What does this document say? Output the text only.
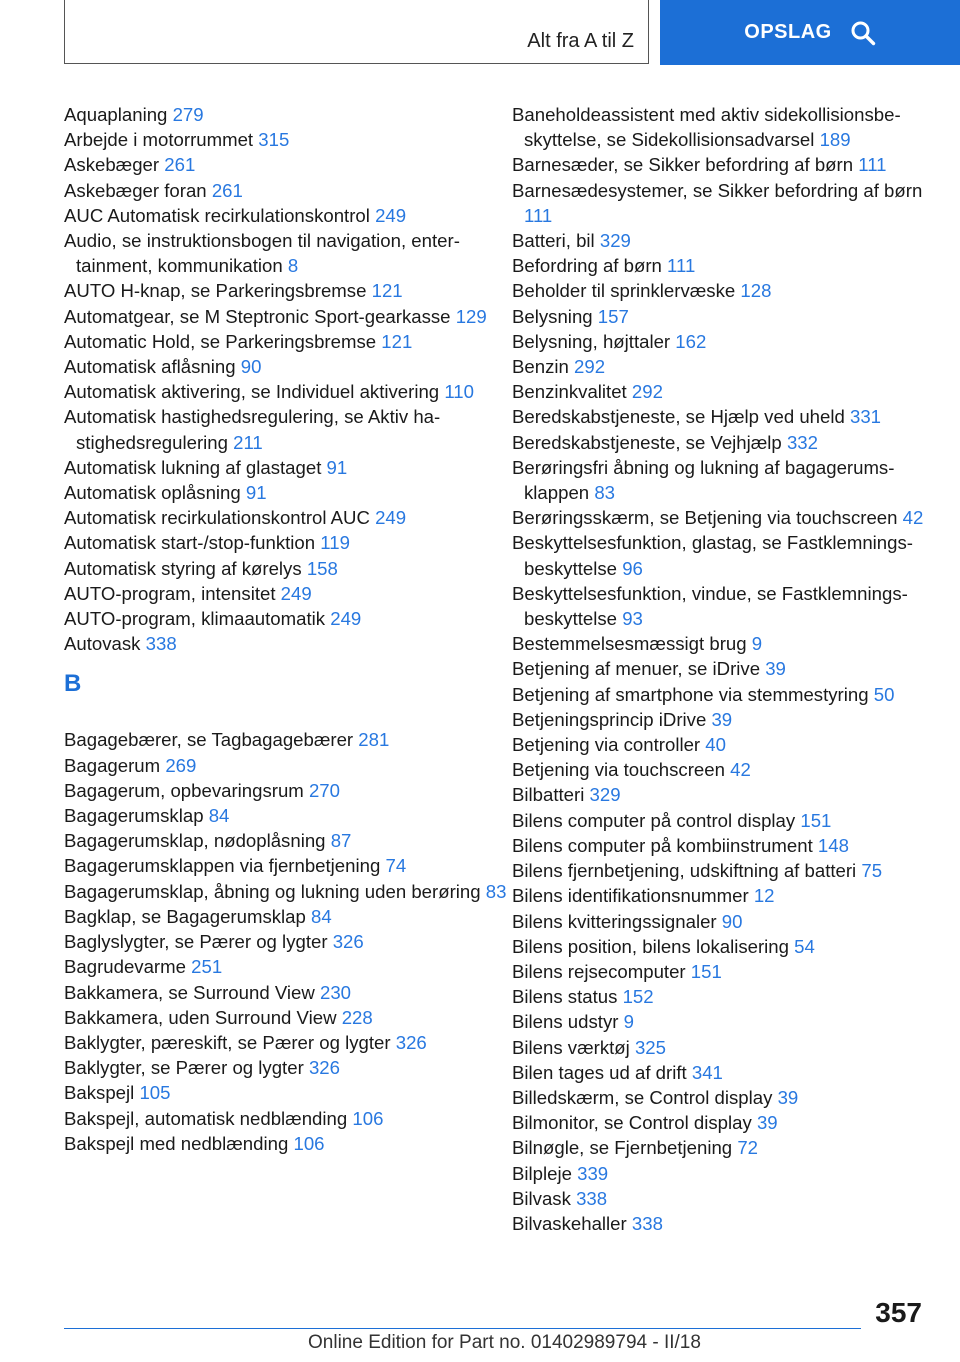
Alt fra A til Z	OPSLAG

Aquaplaning 279

Arbejde i motorrummet 315

Askebæger 261

Askebæger foran 261

AUC Automatisk recirkulationskontrol 249

Audio, se instruktionsbogen til navigation, entertainment, kommunikation 8

AUTO H-knap, se Parkeringsbremse 121

Automatgear, se M Steptronic Sport-gearkasse 129

Automatic Hold, se Parkeringsbremse 121

Automatisk aflåsning 90

Automatisk aktivering, se Individuel aktivering 110

Automatisk hastighedsregulering, se Aktiv hastighedsregulering 211

Automatisk lukning af glastaget 91

Automatisk oplåsning 91

Automatisk recirkulationskontrol AUC 249

Automatisk start-/stop-funktion 119

Automatisk styring af kørelys 158

AUTO-program, intensitet 249

AUTO-program, klimaautomatik 249

Autovask 338

B

Bagagebærer, se Tagbagagebærer 281

Bagagerum 269

Bagagerum, opbevaringsrum 270

Bagagerumsklap 84

Bagagerumsklap, nødoplåsning 87

Bagagerumsklappen via fjernbetjening 74

Bagagerumsklap, åbning og lukning uden berøring 83

Bagklap, se Bagagerumsklap 84

Baglyslygter, se Pærer og lygter 326

Bagrudevarme 251

Bakkamera, se Surround View 230

Bakkamera, uden Surround View 228

Baklygter, pæreskift, se Pærer og lygter 326

Baklygter, se Pærer og lygter 326

Bakspejl 105

Bakspejl, automatisk nedblænding 106

Bakspejl med nedblænding 106

Baneholdeassistent med aktiv sidekollisionsbeskyttelse, se Sidekollisionsadvarsel 189

Barnesæder, se Sikker befordring af børn 111

Barnesædesystemer, se Sikker befordring af børn 111

Batteri, bil 329

Befordring af børn 111

Beholder til sprinklervæske 128

Belysning 157

Belysning, højttaler 162

Benzin 292

Benzinkvalitet 292

Beredskabstjeneste, se Hjælp ved uheld 331

Beredskabstjeneste, se Vejhjælp 332

Berøringsfri åbning og lukning af bagagerumsklappen 83

Berøringsskærm, se Betjening via touchscreen 42

Beskyttelsesfunktion, glastag, se Fastklemningsbeskyttelse 96

Beskyttelsesfunktion, vindue, se Fastklemningsbeskyttelse 93

Bestemmelsesmæssigt brug 9

Betjening af menuer, se iDrive 39

Betjening af smartphone via stemmestyring 50

Betjeningsprincip iDrive 39

Betjening via controller 40

Betjening via touchscreen 42

Bilbatteri 329

Bilens computer på control display 151

Bilens computer på kombiinstrument 148

Bilens fjernbetjening, udskiftning af batteri 75

Bilens identifikationsnummer 12

Bilens kvitteringssignaler 90

Bilens position, bilens lokalisering 54

Bilens rejsecomputer 151

Bilens status 152

Bilens udstyr 9

Bilens værktøj 325

Bilen tages ud af drift 341

Billedskærm, se Control display 39

Bilmonitor, se Control display 39

Bilnøgle, se Fjernbetjening 72

Bilpleje 339

Bilvask 338

Bilvaskehaller 338

357
Online Edition for Part no. 01402989794 - II/18
